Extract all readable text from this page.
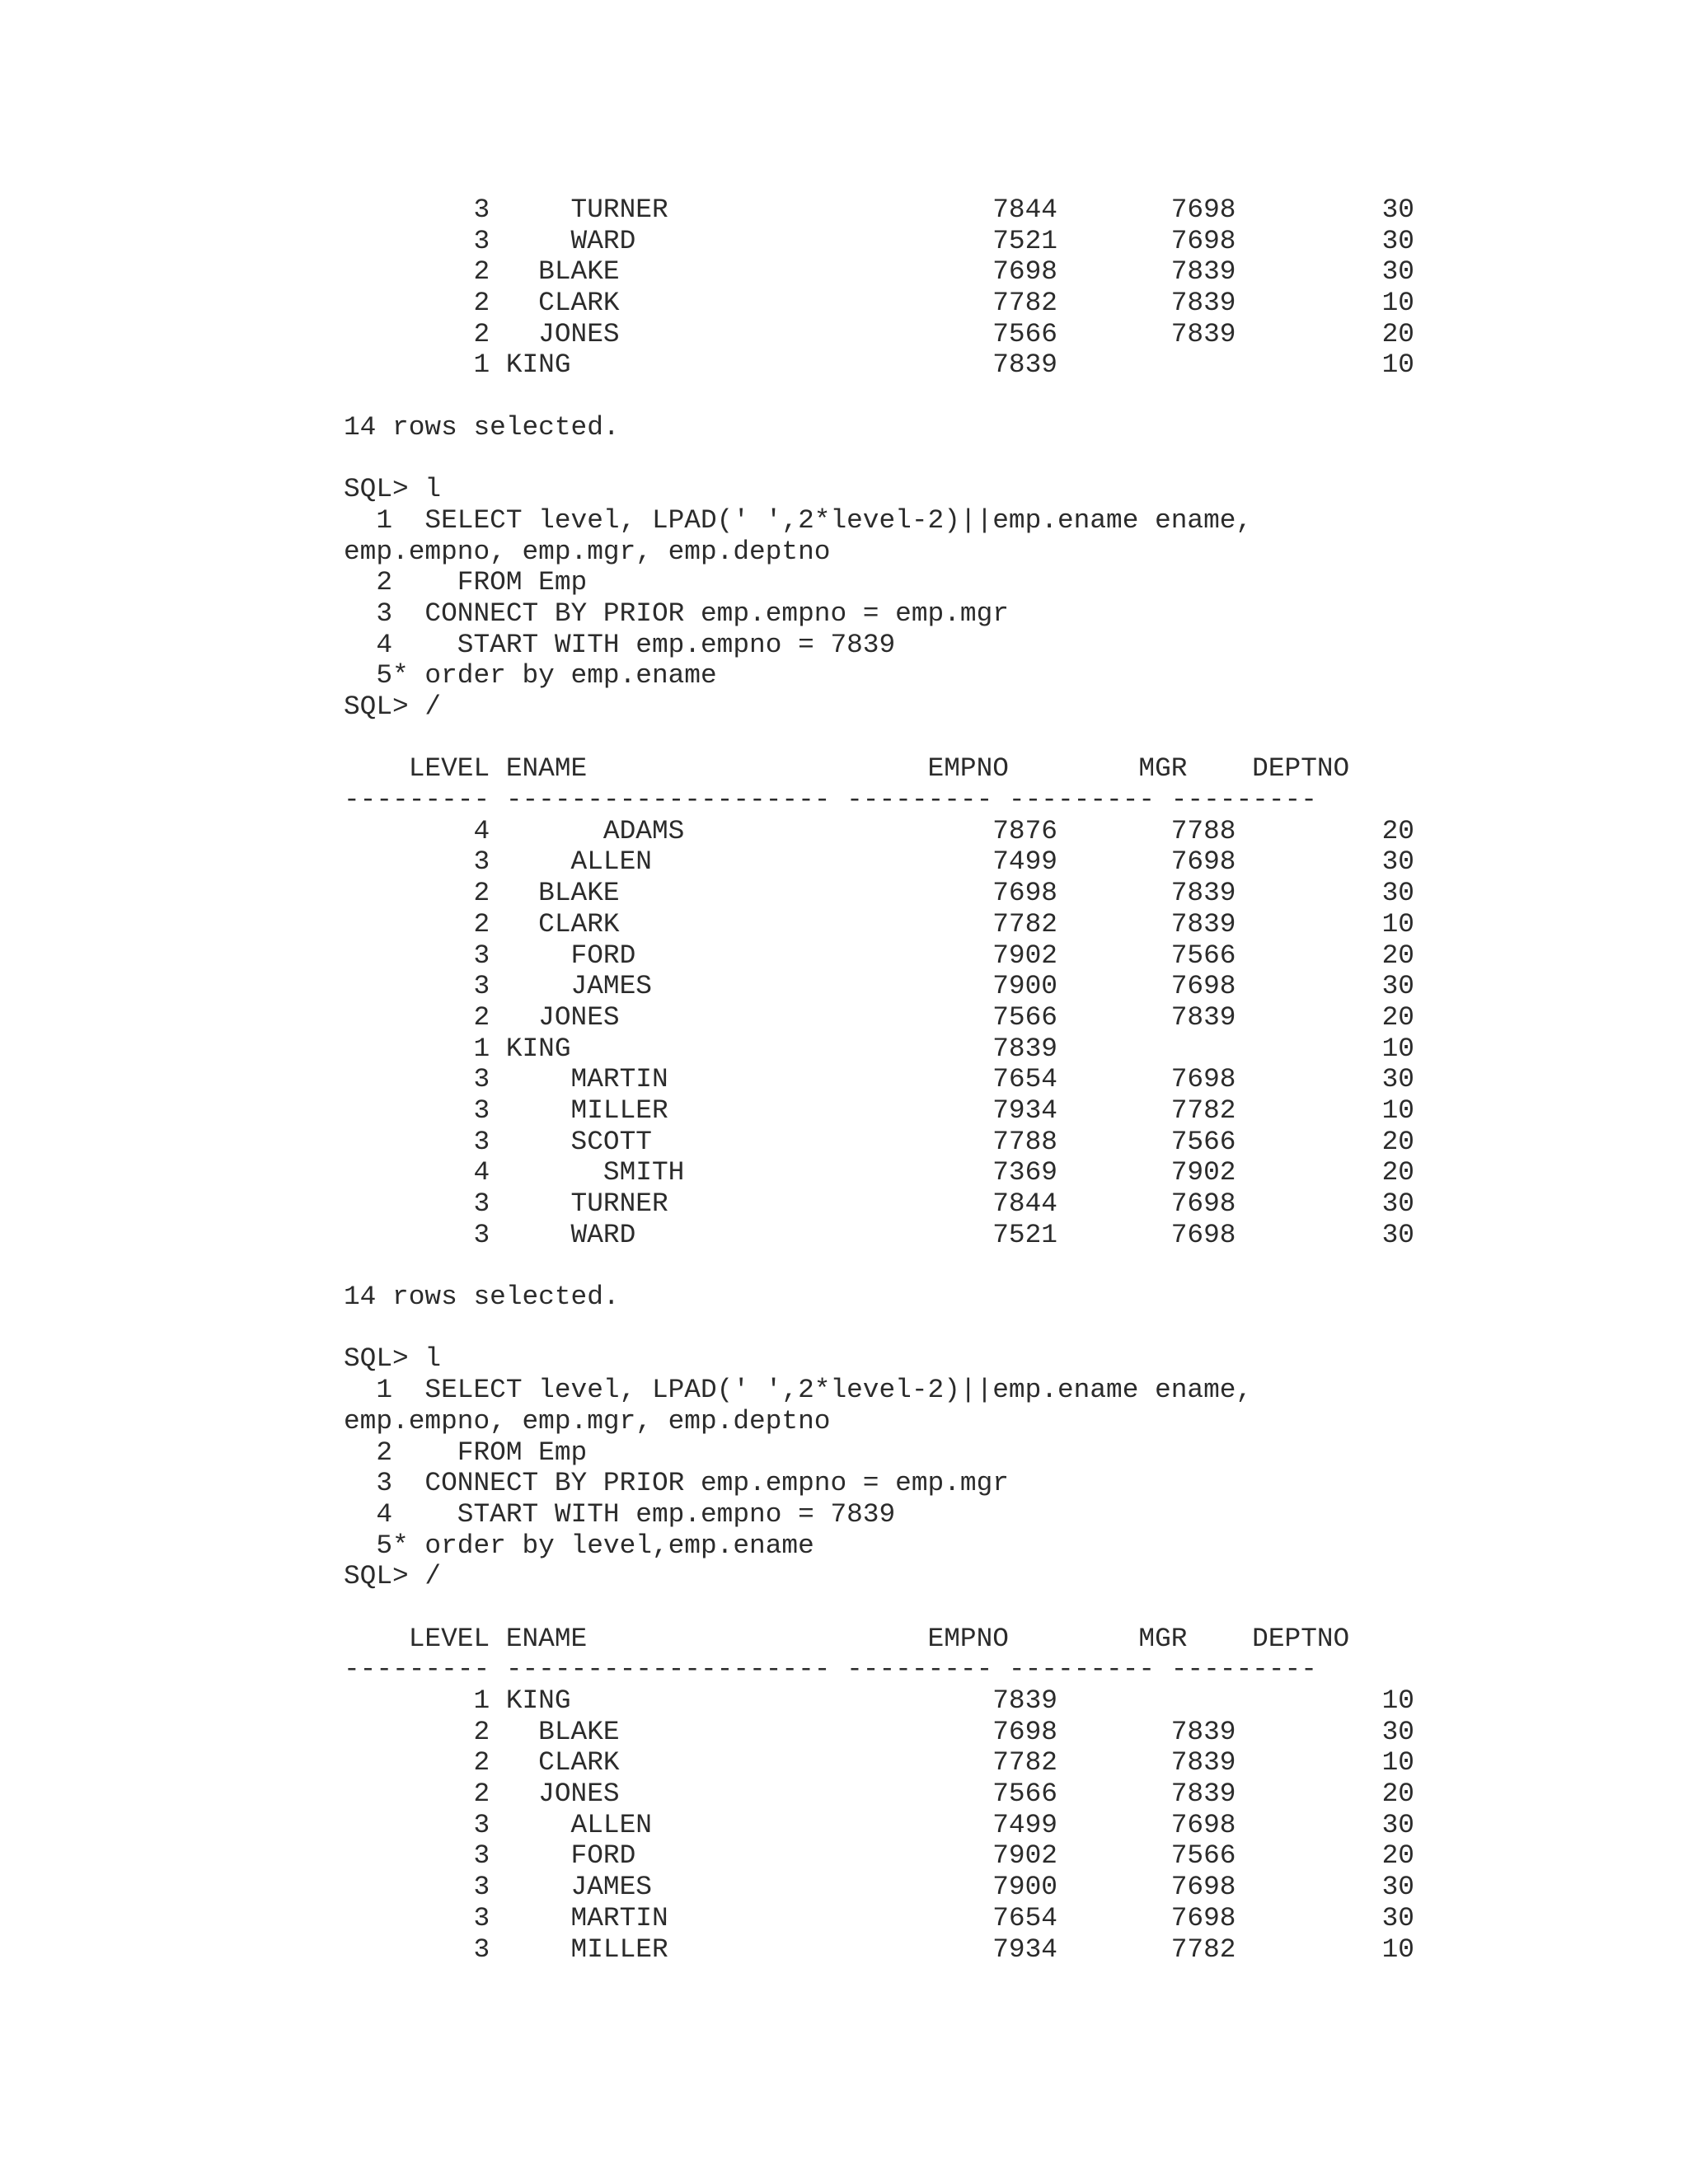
3     TURNER                    7844       7698         30
3     WARD                      7521       7698         30
2   BLAKE                       7698       7839         30
2   CLARK                       7782       7839         10
2   JONES                       7566       7839         20
1 KING                          7839                    10
14 rows selected.
SQL> l
1  SELECT level, LPAD(' ',2*level-2)||emp.ename ename,
emp.empno, emp.mgr, emp.deptno
2    FROM Emp
3  CONNECT BY PRIOR emp.empno = emp.mgr
4    START WITH emp.empno = 7839
5* order by emp.ename
SQL> /
LEVEL ENAME                     EMPNO        MGR    DEPTNO
--------- -------------------- --------- --------- ---------
4       ADAMS                   7876       7788         20
3     ALLEN                     7499       7698         30
2   BLAKE                       7698       7839         30
2   CLARK                       7782       7839         10
3     FORD                      7902       7566         20
3     JAMES                     7900       7698         30
2   JONES                       7566       7839         20
1 KING                          7839                    10
3     MARTIN                    7654       7698         30
3     MILLER                    7934       7782         10
3     SCOTT                     7788       7566         20
4       SMITH                   7369       7902         20
3     TURNER                    7844       7698         30
3     WARD                      7521       7698         30
14 rows selected.
SQL> l
1  SELECT level, LPAD(' ',2*level-2)||emp.ename ename,
emp.empno, emp.mgr, emp.deptno
2    FROM Emp
3  CONNECT BY PRIOR emp.empno = emp.mgr
4    START WITH emp.empno = 7839
5* order by level,emp.ename
SQL> /
LEVEL ENAME                     EMPNO        MGR    DEPTNO
--------- -------------------- --------- --------- ---------
1 KING                          7839                    10
2   BLAKE                       7698       7839         30
2   CLARK                       7782       7839         10
2   JONES                       7566       7839         20
3     ALLEN                     7499       7698         30
3     FORD                      7902       7566         20
3     JAMES                     7900       7698         30
3     MARTIN                    7654       7698         30
3     MILLER                    7934       7782         10
